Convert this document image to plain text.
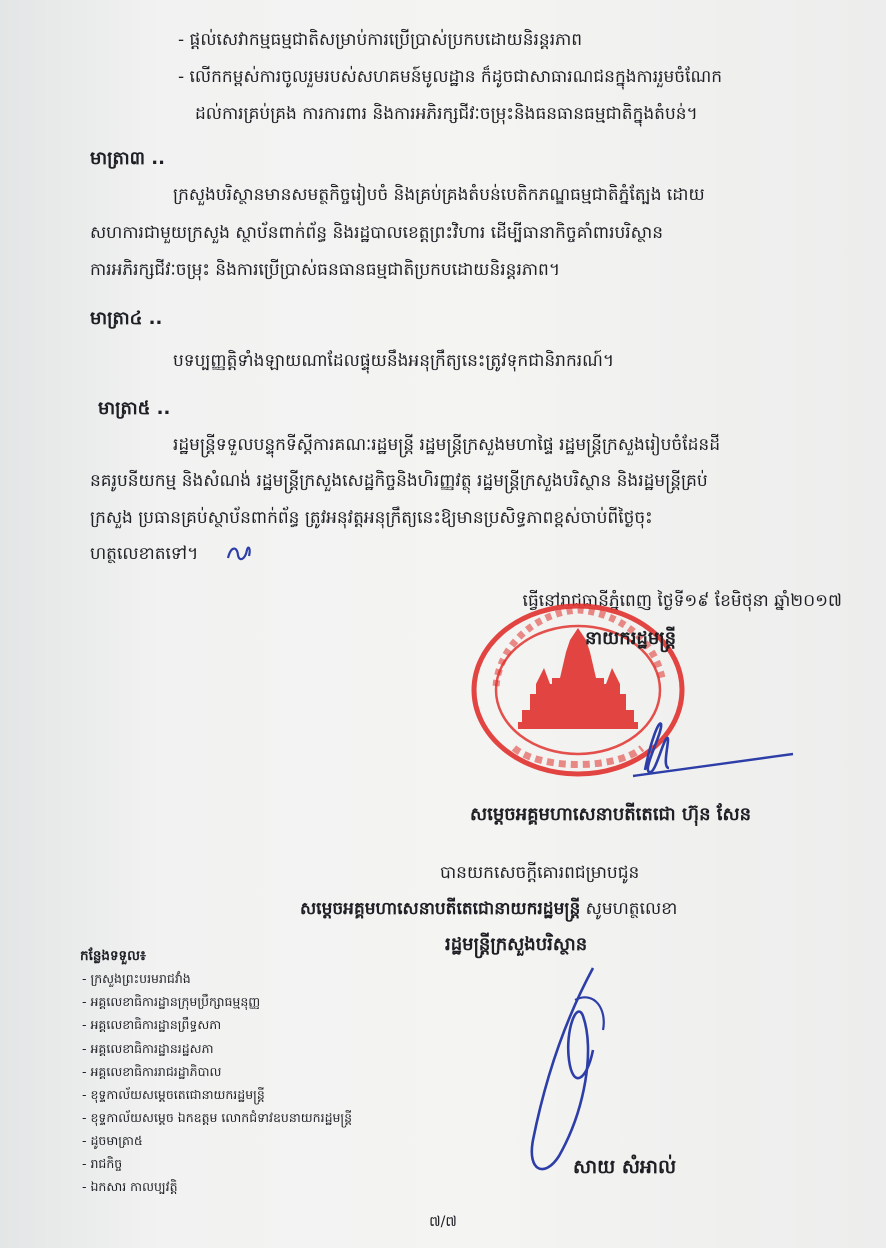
- ផ្តល់សេវាកម្មធម្មជាតិសម្រាប់ការប្រើប្រាស់ប្រកបដោយនិរន្តរភាព
- លើកកម្ពស់ការចូលរួមរបស់សហគមន៍មូលដ្ឋាន ក៏ដូចជាសាធារណជនក្នុងការរួមចំណែក
ដល់ការគ្រប់គ្រង ការការពារ និងការអភិរក្សជីវៈចម្រុះនិងធនធានធម្មជាតិក្នុងតំបន់។
មាត្រា៣ ..
ក្រសួងបរិស្ថានមានសមត្ថកិច្ចរៀបចំ និងគ្រប់គ្រងតំបន់បេតិកភណ្ឌធម្មជាតិភ្នំត្បែង ដោយ
សហការជាមួយក្រសួង ស្ថាប័នពាក់ព័ន្ធ និងរដ្ឋបាលខេត្តព្រះវិហារ ដើម្បីធានាកិច្ចគាំពារបរិស្ថាន
ការអភិរក្សជីវៈចម្រុះ និងការប្រើប្រាស់ធនធានធម្មជាតិប្រកបដោយនិរន្តរភាព។
មាត្រា៤ ..
បទប្បញ្ញត្តិទាំងឡាយណាដែលផ្ទុយនឹងអនុក្រឹត្យនេះត្រូវទុកជានិរាករណ៍។
មាត្រា៥ ..
រដ្ឋមន្ត្រីទទួលបន្ទុកទីស្តីការគណៈរដ្ឋមន្ត្រី រដ្ឋមន្ត្រីក្រសួងមហាផ្ទៃ រដ្ឋមន្ត្រីក្រសួងរៀបចំដែនដី
នគរូបនីយកម្ម និងសំណង់ រដ្ឋមន្ត្រីក្រសួងសេដ្ឋកិច្ចនិងហិរញ្ញវត្ថុ រដ្ឋមន្ត្រីក្រសួងបរិស្ថាន និងរដ្ឋមន្ត្រីគ្រប់
ក្រសួង ប្រធានគ្រប់ស្ថាប័នពាក់ព័ន្ធ ត្រូវអនុវត្តអនុក្រឹត្យនេះឱ្យមានប្រសិទ្ធភាពខ្ពស់ចាប់ពីថ្ងៃចុះ
ហត្ថលេខាតទៅ។
ធ្វើនៅរាជធានីភ្នំពេញ ថ្ងៃទី១៩ ខែមិថុនា ឆ្នាំ២០១៧
នាយករដ្ឋមន្ត្រី
សម្តេចអគ្គមហាសេនាបតីតេជោ ហ៊ុន សែន
បានយកសេចក្តីគោរពជម្រាបជូន
សម្តេចអគ្គមហាសេនាបតីតេជោនាយករដ្ឋមន្ត្រី សូមហត្ថលេខា
រដ្ឋមន្ត្រីក្រសួងបរិស្ថាន
កន្លែងទទួល៖
- ក្រសួងព្រះបរមរាជវាំង
- អគ្គលេខាធិការដ្ឋានក្រុមប្រឹក្សាធម្មនុញ្ញ
- អគ្គលេខាធិការដ្ឋានព្រឹទ្ធសភា
- អគ្គលេខាធិការដ្ឋានរដ្ឋសភា
- អគ្គលេខាធិការរាជរដ្ឋាភិបាល
- ខុទ្ទកាល័យសម្តេចតេជោនាយករដ្ឋមន្ត្រី
- ខុទ្ទកាល័យសម្តេច ឯកឧត្តម លោកជំទាវឧបនាយករដ្ឋមន្ត្រី
- ដូចមាត្រា៥
- រាជកិច្ច
- ឯកសារ កាលប្បវត្តិ
សាយ សំអាល់
៧/៧
